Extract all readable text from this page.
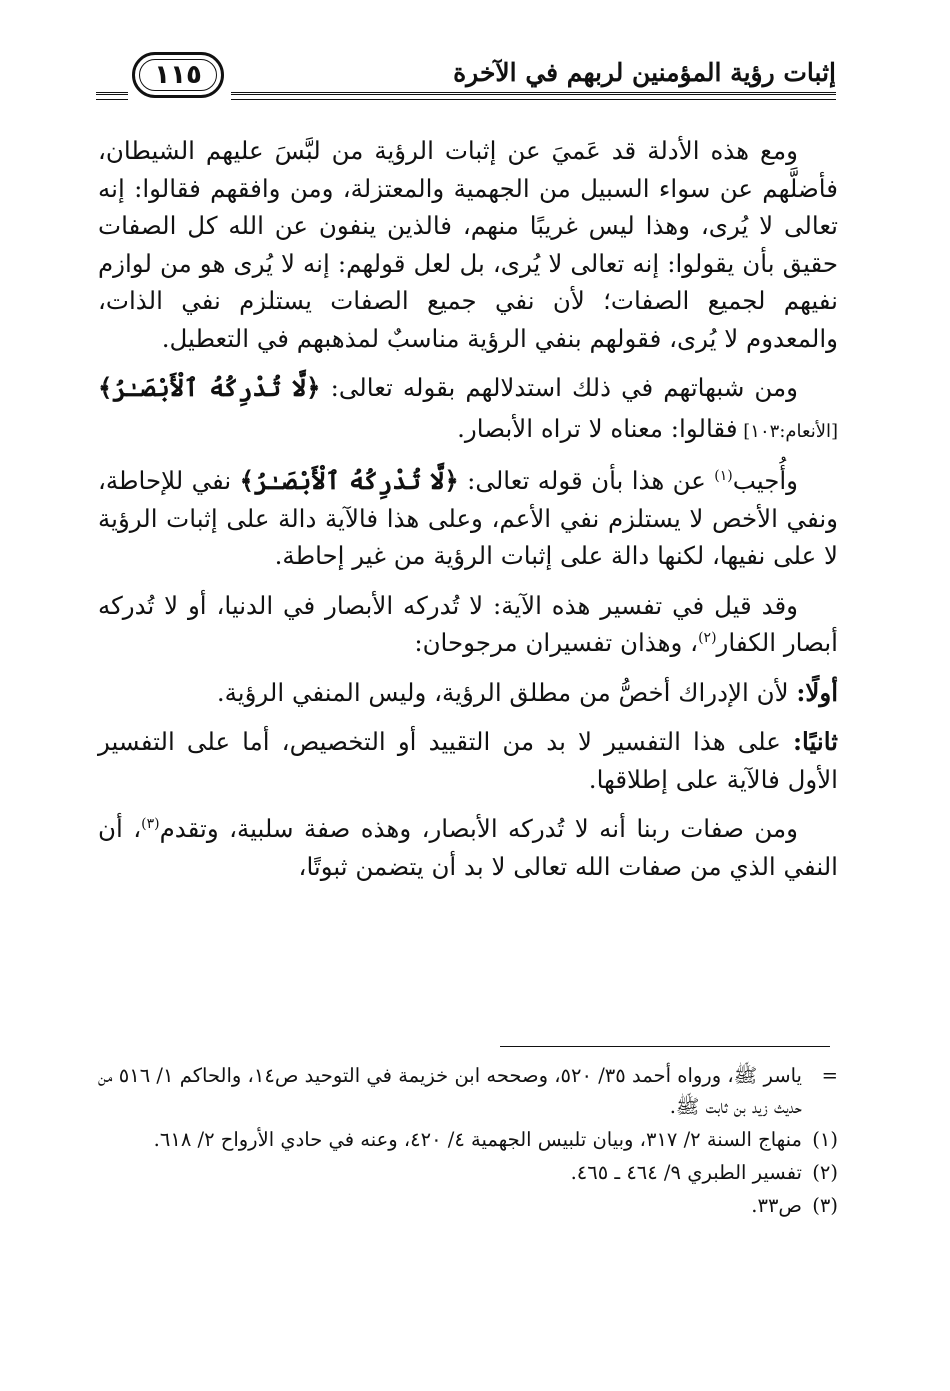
إثبات رؤية المؤمنين لربهم في الآخرة
١١٥

ومع هذه الأدلة قد عَميَ عن إثبات الرؤية من لبَّسَ عليهم الشيطان، فأضلَّهم عن سواء السبيل من الجهمية والمعتزلة، ومن وافقهم فقالوا: إنه تعالى لا يُرى، وهذا ليس غريبًا منهم، فالذين ينفون عن الله كل الصفات حقيق بأن يقولوا: إنه تعالى لا يُرى، بل لعل قولهم: إنه لا يُرى هو من لوازم نفيهم لجميع الصفات؛ لأن نفي جميع الصفات يستلزم نفي الذات، والمعدوم لا يُرى، فقولهم بنفي الرؤية مناسبٌ لمذهبهم في التعطيل.

ومن شبهاتهم في ذلك استدلالهم بقوله تعالى: ﴿لَّا تُدْرِكُهُ ٱلْأَبْصَـٰرُ﴾ [الأنعام:١٠٣] فقالوا: معناه لا تراه الأبصار.

وأُجيب$^{(١)}$ عن هذا بأن قوله تعالى: ﴿لَّا تُدْرِكُهُ ٱلْأَبْصَـٰرُ﴾ نفي للإحاطة، ونفي الأخص لا يستلزم نفي الأعم، وعلى هذا فالآية دالة على إثبات الرؤية لا على نفيها، لكنها دالة على إثبات الرؤية من غير إحاطة.

وقد قيل في تفسير هذه الآية: لا تُدركه الأبصار في الدنيا، أو لا تُدركه أبصار الكفار$^{(٢)}$، وهذان تفسيران مرجوحان:

أولًا: لأن الإدراك أخصُّ من مطلق الرؤية، وليس المنفي الرؤية.

ثانيًا: على هذا التفسير لا بد من التقييد أو التخصيص، أما على التفسير الأول فالآية على إطلاقها.

ومن صفات ربنا أنه لا تُدركه الأبصار، وهذه صفة سلبية، وتقدم$^{(٣)}$، أن النفي الذي من صفات الله تعالى لا بد أن يتضمن ثبوتًا،

=
ياسر ﷺ، ورواه أحمد ٣٥/ ٥٢٠، وصححه ابن خزيمة في التوحيد ص١٤، والحاكم ١/ ٥١٦ من حديث زيد بن ثابت ﷺ.
(١)
منهاج السنة ٢/ ٣١٧، وبيان تلبيس الجهمية ٤/ ٤٢٠، وعنه في حادي الأرواح ٢/ ٦١٨.
(٢)
تفسير الطبري ٩/ ٤٦٤ ـ ٤٦٥.
(٣)
ص٣٣.
